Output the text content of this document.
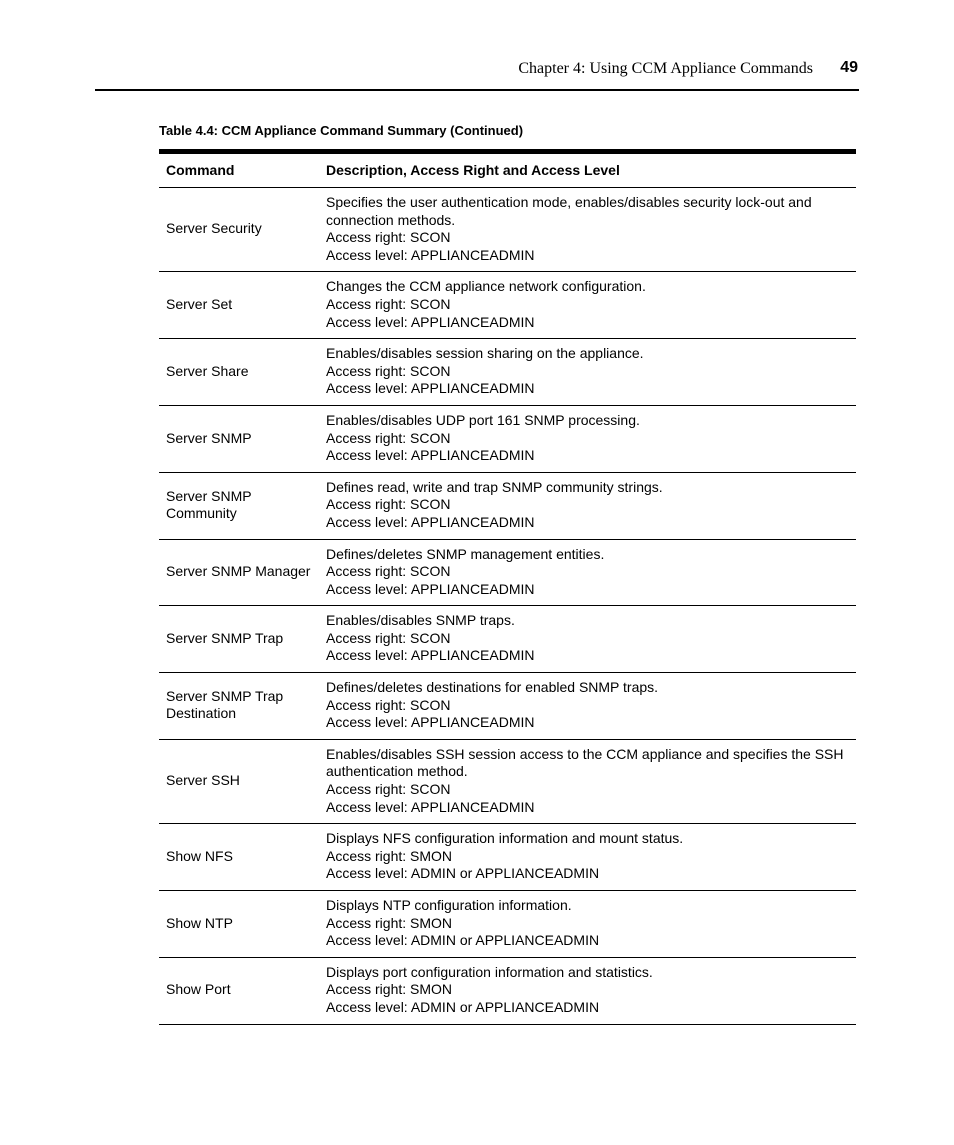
Chapter 4: Using CCM Appliance Commands 49
Table 4.4: CCM Appliance Command Summary (Continued)
Command	Description, Access Right and Access Level
Server Security	Specifies the user authentication mode, enables/disables security lock-out and connection methods.
Access right: SCON
Access level: APPLIANCEADMIN

Server Set	Changes the CCM appliance network configuration.
Access right: SCON
Access level: APPLIANCEADMIN

Server Share	Enables/disables session sharing on the appliance.
Access right: SCON
Access level: APPLIANCEADMIN

Server SNMP	Enables/disables UDP port 161 SNMP processing.
Access right: SCON
Access level: APPLIANCEADMIN

Server SNMP Community	Defines read, write and trap SNMP community strings.
Access right: SCON
Access level: APPLIANCEADMIN

Server SNMP Manager	Defines/deletes SNMP management entities.
Access right: SCON
Access level: APPLIANCEADMIN

Server SNMP Trap	Enables/disables SNMP traps.
Access right: SCON
Access level: APPLIANCEADMIN

Server SNMP Trap Destination	Defines/deletes destinations for enabled SNMP traps.
Access right: SCON
Access level: APPLIANCEADMIN

Server SSH	Enables/disables SSH session access to the CCM appliance and specifies the SSH authentication method.
Access right: SCON
Access level: APPLIANCEADMIN

Show NFS	Displays NFS configuration information and mount status.
Access right: SMON
Access level: ADMIN or APPLIANCEADMIN

Show NTP	Displays NTP configuration information.
Access right: SMON
Access level: ADMIN or APPLIANCEADMIN

Show Port	Displays port configuration information and statistics.
Access right: SMON
Access level: ADMIN or APPLIANCEADMIN
